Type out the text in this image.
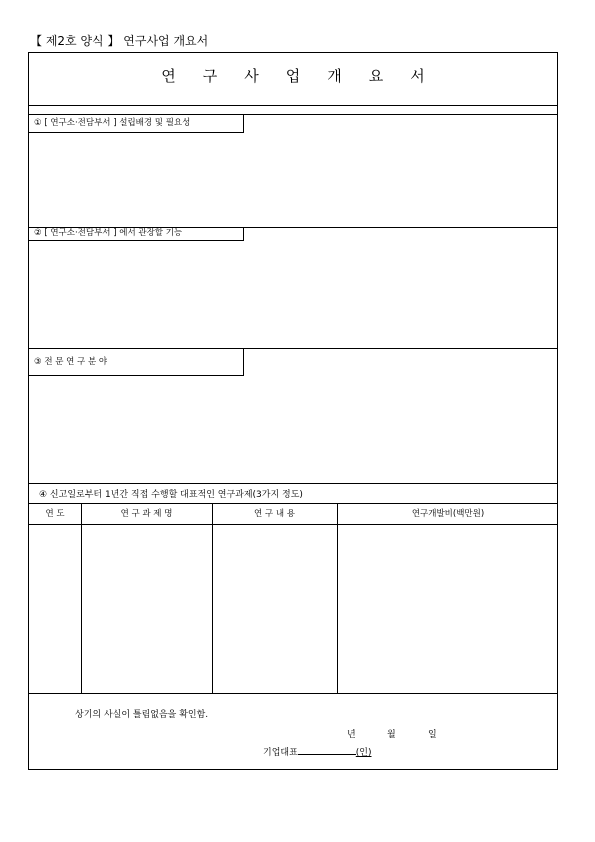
【 제2호 양식 】 연구사업 개요서
연구사업개요서
① [ 연구소·전담부서 ] 설립배경 및 필요성
② [ 연구소·전담부서 ] 에서 관장할 기능
③ 전 문 연 구 분 야
④ 신고일로부터 1년간 직접 수행할 대표적인 연구과제(3가지 정도)
연 도	연 구 과 제 명	연 구 내 용	연구개발비(백만원)
상기의 사실이 틀림없음을 확인함.
년	월	일
기업대표	(인)
